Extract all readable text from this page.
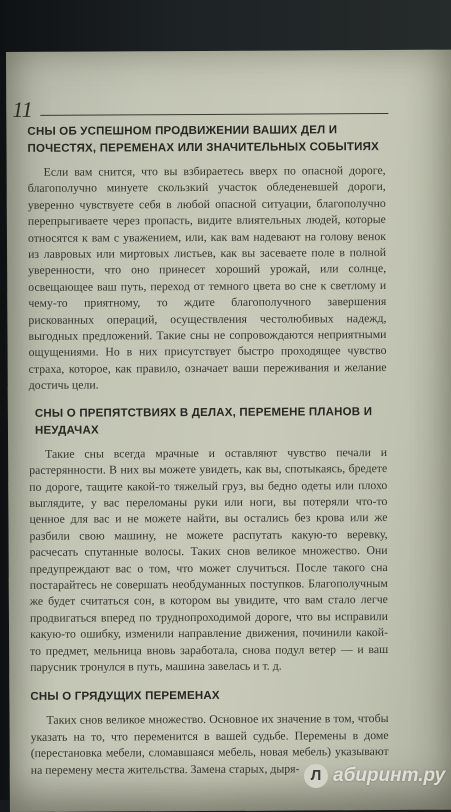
11
СНЫ ОБ УСПЕШНОМ ПРОДВИЖЕНИИ ВАШИХ ДЕЛ И ПОЧЕСТЯХ, ПЕРЕМЕНАХ ИЛИ ЗНАЧИТЕЛЬНЫХ СОБЫТИЯХ

Если вам снится, что вы взбираетесь вверх по опасной дороге, благополучно минуете скользкий участок обледеневшей дороги, уверенно чувствуете себя в любой опасной ситуации, благополучно перепрыгиваете через пропасть, видите влиятельных людей, которые относятся к вам с уважением, или, как вам надевают на голову венок из лавровых или миртовых листьев, как вы засеваете поле в полной уверенности, что оно принесет хороший урожай, или солнце, освещающее ваш путь, переход от темного цвета во сне к светлому и чему-то приятному, то ждите благополучного завершения рискованных операций, осуществления честолюбивых надежд, выгодных предложений. Такие сны не сопровождаются неприятными ощущениями. Но в них присутствует быстро проходящее чувство страха, которое, как правило, означает ваши переживания и желание достичь цели.

СНЫ О ПРЕПЯТСТВИЯХ В ДЕЛАХ, ПЕРЕМЕНЕ ПЛАНОВ И НЕУДАЧАХ

Такие сны всегда мрачные и оставляют чувство печали и растерянности. В них вы можете увидеть, как вы, спотыкаясь, бредете по дороге, тащите какой-то тяжелый груз, вы бедно одеты или плохо выглядите, у вас переломаны руки или ноги, вы потеряли что-то ценное для вас и не можете найти, вы остались без крова или же разбили свою машину, не можете распутать какую-то веревку, расчесать спутанные волосы. Таких снов великое множество. Они предупреждают вас о том, что может случиться. После такого сна постарайтесь не совершать необдуманных поступков. Благополучным же будет считаться сон, в котором вы увидите, что вам стало легче продвигаться вперед по труднопроходимой дороге, что вы исправили какую-то ошибку, изменили направление движения, починили какой-то предмет, мельница вновь заработала, снова подул ветер — и ваш парусник тронулся в путь, машина завелась и т. д.

СНЫ О ГРЯДУЩИХ ПЕРЕМЕНАХ

Таких снов великое множество. Основное их значение в том, чтобы указать на то, что переменится в вашей судьбе. Перемены в доме (перестановка мебели, сломавшаяся мебель, новая мебель) указывают на перемену места жительства. Замена старых, дыря- Л абиринт.ру
